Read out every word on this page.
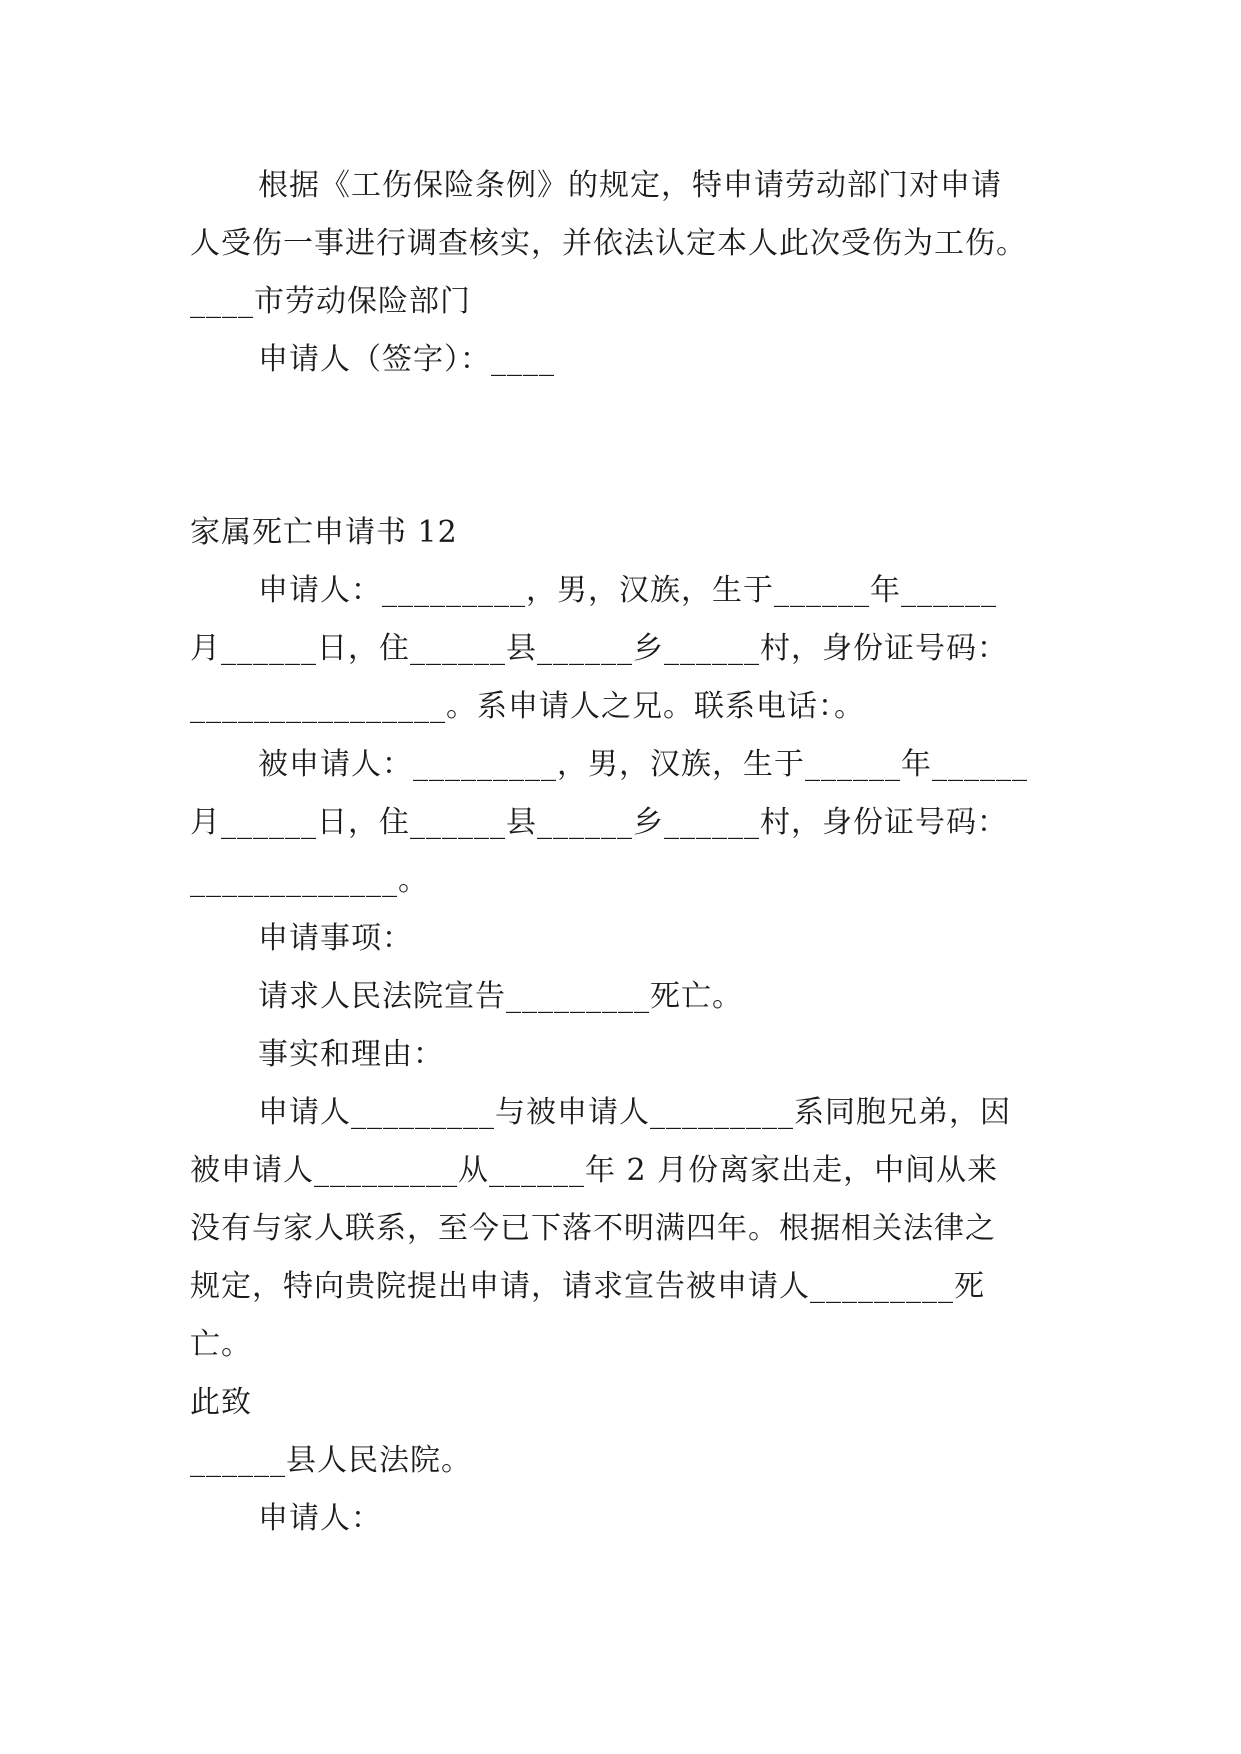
根据《工伤保险条例》的规定，特申请劳动部门对申请
人受伤一事进行调查核实，并依法认定本人此次受伤为工伤。
____市劳动保险部门
申请人（签字）：____
家属死亡申请书 12
申请人：_________，男，汉族，生于______年______
月______日，住______县______乡______村，身份证号码：
________________。系申请人之兄。联系电话：。
被申请人：_________，男，汉族，生于______年______
月______日，住______县______乡______村，身份证号码：
_____________。
申请事项：
请求人民法院宣告_________死亡。
事实和理由：
申请人_________与被申请人_________系同胞兄弟，因
被申请人_________从______年 2 月份离家出走，中间从来
没有与家人联系，至今已下落不明满四年。根据相关法律之
规定，特向贵院提出申请，请求宣告被申请人_________死
亡。
此致
______县人民法院。
申请人：
